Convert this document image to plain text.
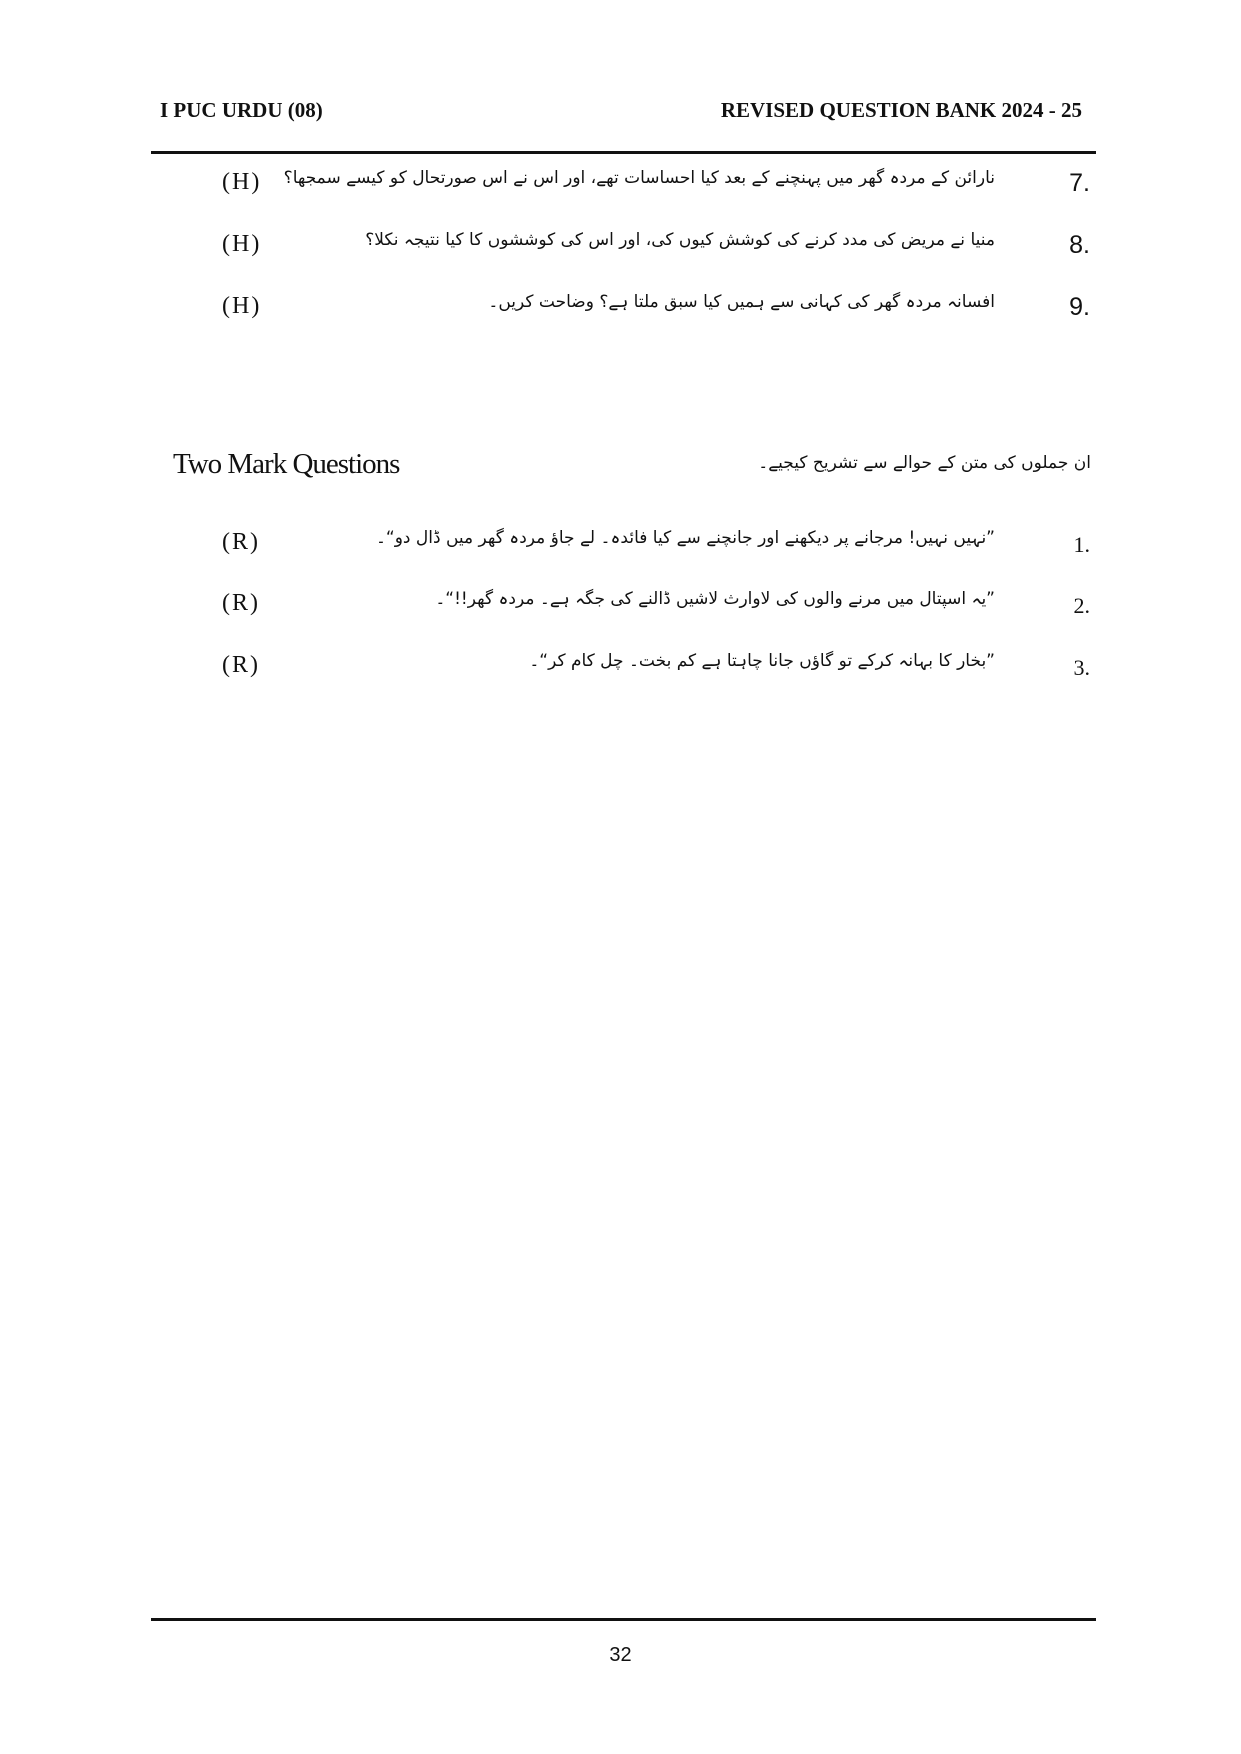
I PUC URDU (08)	REVISED QUESTION BANK 2024 - 25
(H) نارائن کے مردہ گھر میں پہنچنے کے بعد کیا احساسات تھے، اور اس نے اس صورتحال کو کیسے سمجھا؟	7.
(H)	منیا نے مریض کی مدد کرنے کی کوشش کیوں کی، اور اس کی کوششوں کا کیا نتیجہ نکلا؟	8.
(H)	افسانہ مردہ گھر کی کہانی سے ہمیں کیا سبق ملتا ہے؟ وضاحت کریں۔	9.
Two Mark Questions	ان جملوں کی متن کے حوالے سے تشریح کیجیے۔
(R)	”نہیں نہیں! مرجانے پر دیکھنے اور جانچنے سے کیا فائدہ۔ لے جاؤ مردہ گھر میں ڈال دو“۔	1.
(R)	”یہ اسپتال میں مرنے والوں کی لاوارث لاشیں ڈالنے کی جگہ ہے۔ مردہ گھر!!“۔	2.
(R)	”بخار کا بہانہ کرکے تو گاؤں جانا چاہتا ہے کم بخت۔ چل کام کر“۔	3.
32
